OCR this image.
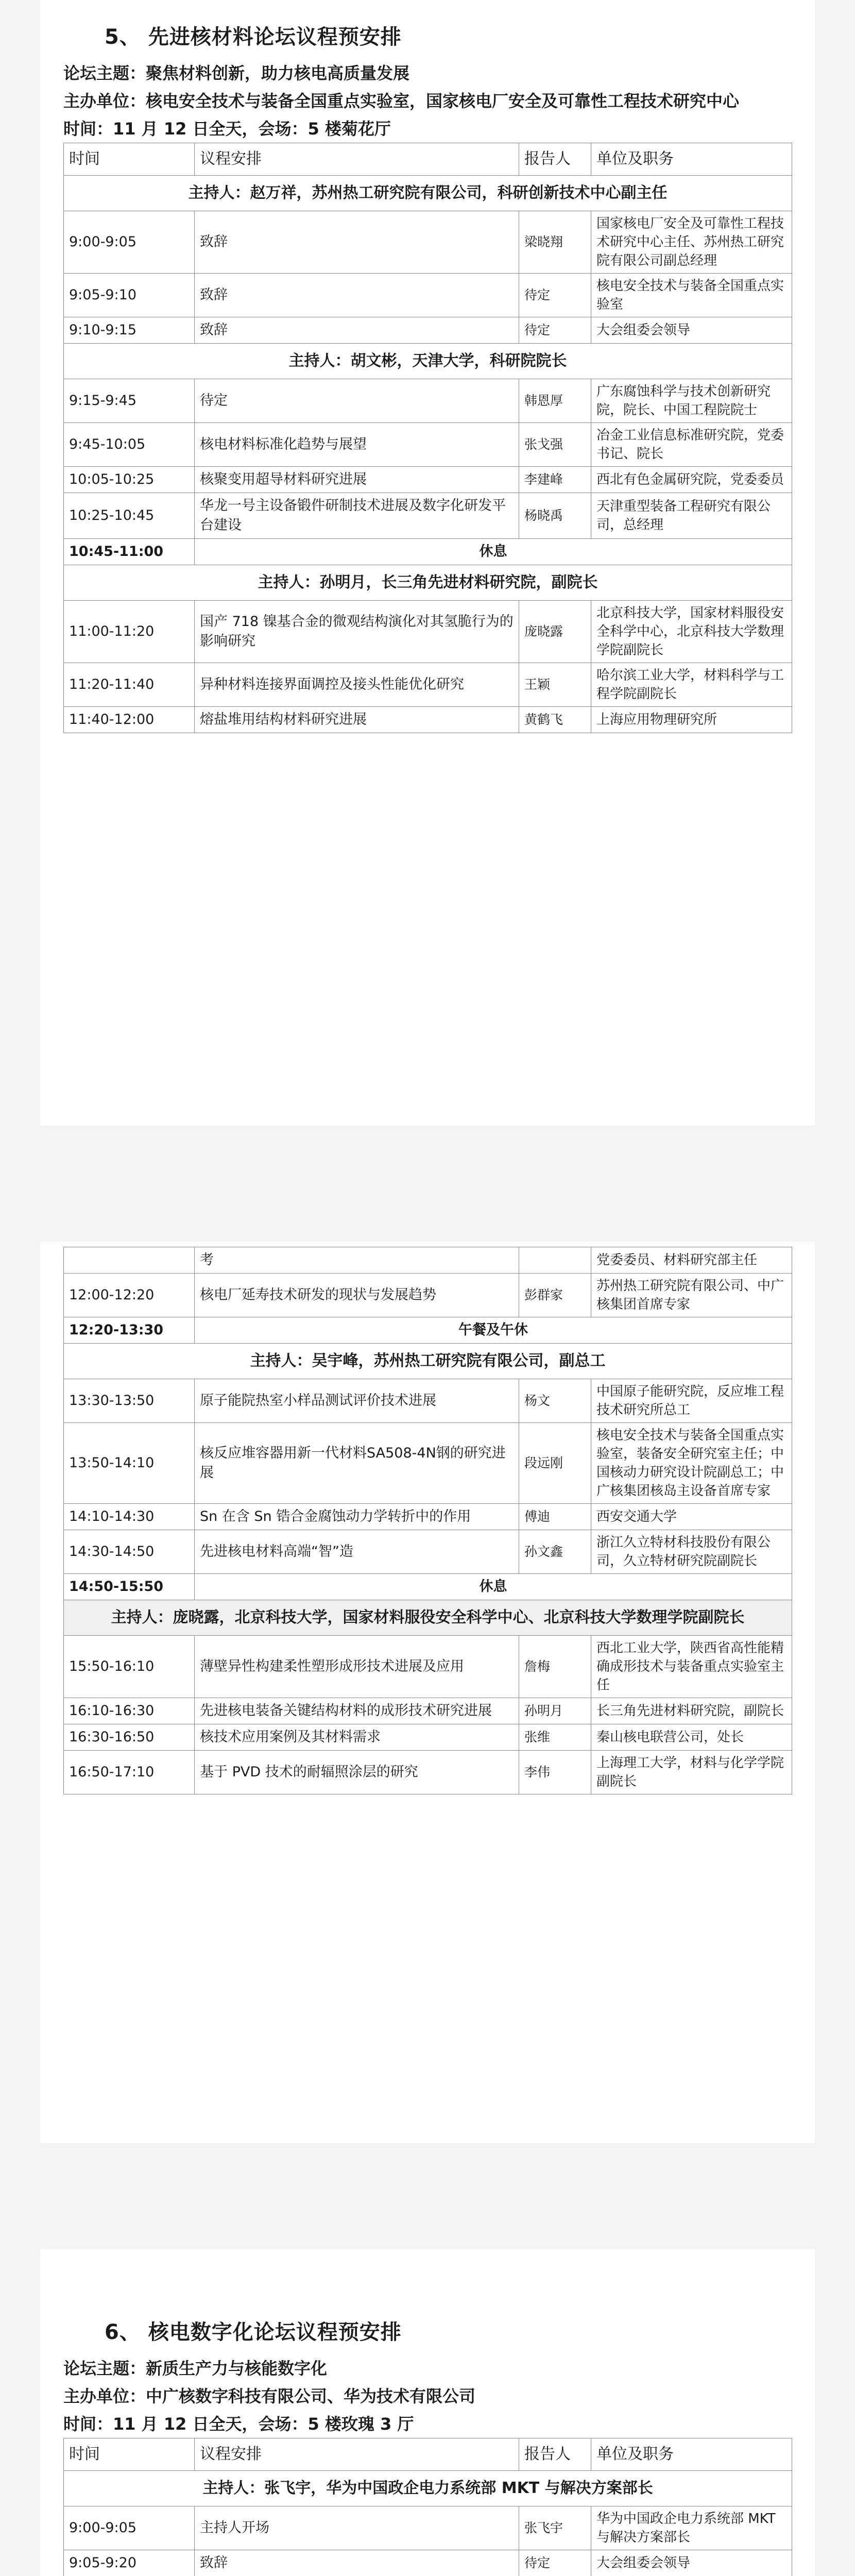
5、 先进核材料论坛议程预安排
论坛主题：聚焦材料创新，助力核电高质量发展
主办单位：核电安全技术与装备全国重点实验室，国家核电厂安全及可靠性工程技术研究中心
时间：11 月 12 日全天，会场：5 楼菊花厅
时间	议程安排	报告人	单位及职务
主持人：赵万祥，苏州热工研究院有限公司，科研创新技术中心副主任			
9:00-9:05	致辞	梁晓翔	国家核电厂安全及可靠性工程技术研究中心主任、苏州热工研究院有限公司副总经理
9:05-9:10	致辞	待定	核电安全技术与装备全国重点实验室
9:10-9:15	致辞	待定	大会组委会领导
主持人：胡文彬，天津大学，科研院院长			
9:15-9:45	待定	韩恩厚	广东腐蚀科学与技术创新研究院，院长、中国工程院院士
9:45-10:05	核电材料标准化趋势与展望	张戈强	冶金工业信息标准研究院，党委书记、院长
10:05-10:25	核聚变用超导材料研究进展	李建峰	西北有色金属研究院，党委委员
10:25-10:45	华龙一号主设备锻件研制技术进展及数字化研发平台建设	杨晓禹	天津重型装备工程研究有限公司，总经理
10:45-11:00	休息		
主持人：孙明月，长三角先进材料研究院，副院长			
11:00-11:20	国产 718 镍基合金的微观结构演化对其氢脆行为的影响研究	庞晓露	北京科技大学，国家材料服役安全科学中心，北京科技大学数理学院副院长
11:20-11:40	异种材料连接界面调控及接头性能优化研究	王颖	哈尔滨工业大学，材料科学与工程学院副院长
11:40-12:00	熔盐堆用结构材料研究进展	黄鹤飞	上海应用物理研究所
	考		党委委员、材料研究部主任
12:00-12:20	核电厂延寿技术研发的现状与发展趋势	彭群家	苏州热工研究院有限公司、中广核集团首席专家
12:20-13:30	午餐及午休		
主持人：吴宇峰，苏州热工研究院有限公司，副总工			
13:30-13:50	原子能院热室小样品测试评价技术进展	杨文	中国原子能研究院，反应堆工程技术研究所总工
13:50-14:10	核反应堆容器用新一代材料SA508-4N钢的研究进展	段远刚	核电安全技术与装备全国重点实验室，装备安全研究室主任；中国核动力研究设计院副总工；中广核集团核岛主设备首席专家
14:10-14:30	Sn 在含 Sn 锆合金腐蚀动力学转折中的作用	傅迪	西安交通大学
14:30-14:50	先进核电材料高端“智”造	孙文鑫	浙江久立特材科技股份有限公司，久立特材研究院副院长
14:50-15:50	休息		
主持人：庞晓露，北京科技大学，国家材料服役安全科学中心、北京科技大学数理学院副院长			
15:50-16:10	薄壁异性构建柔性塑形成形技术进展及应用	詹梅	西北工业大学，陕西省高性能精确成形技术与装备重点实验室主任
16:10-16:30	先进核电装备关键结构材料的成形技术研究进展	孙明月	长三角先进材料研究院，副院长
16:30-16:50	核技术应用案例及其材料需求	张维	秦山核电联营公司，处长
16:50-17:10	基于 PVD 技术的耐辐照涂层的研究	李伟	上海理工大学，材料与化学学院副院长
6、 核电数字化论坛议程预安排
论坛主题：新质生产力与核能数字化
主办单位：中广核数字科技有限公司、华为技术有限公司
时间：11 月 12 日全天，会场：5 楼玫瑰 3 厅
时间	议程安排	报告人	单位及职务
主持人：张飞宇，华为中国政企电力系统部 MKT 与解决方案部长			
9:00-9:05	主持人开场	张飞宇	华为中国政企电力系统部 MKT 与解决方案部长
9:05-9:20	致辞	待定	大会组委会领导
